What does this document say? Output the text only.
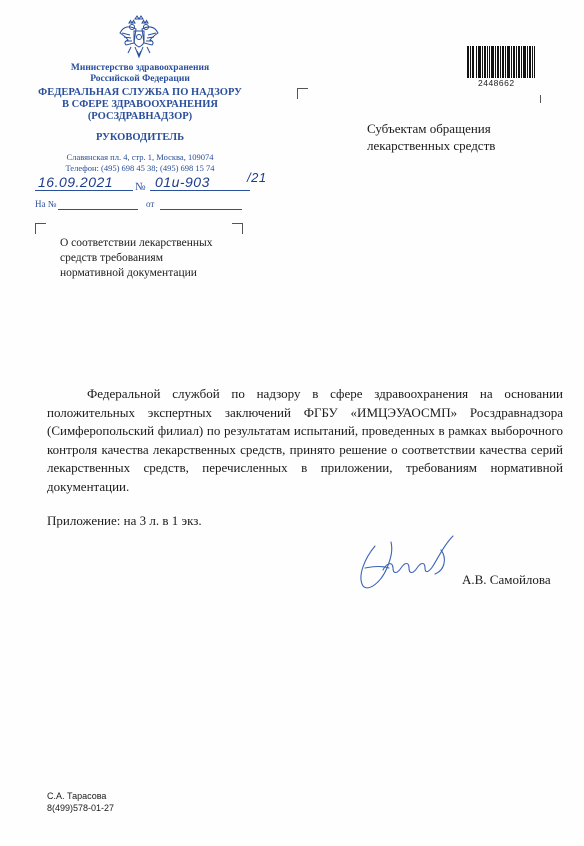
Министерство здравоохранения
Российской Федерации
ФЕДЕРАЛЬНАЯ СЛУЖБА ПО НАДЗОРУ
В СФЕРЕ ЗДРАВООХРАНЕНИЯ
(РОСЗДРАВНАДЗОР)
РУКОВОДИТЕЛЬ
Славянская пл. 4, стр. 1, Москва, 109074
Телефон: (495) 698 45 38; (495) 698 15 74
16.09.2021 № 01u-903	/21
На №	от
2448662
Субъектам обращения
лекарственных средств
О соответствии лекарственных
средств требованиям
нормативной документации
Федеральной службой по надзору в сфере здравоохранения на основании положительных экспертных заключений ФГБУ «ИМЦЭУАОСМП» Росздравнадзора (Симферопольский филиал) по результатам испытаний, проведенных в рамках выборочного контроля качества лекарственных средств, принято решение о соответствии качества серий лекарственных средств, перечисленных в приложении, требованиям нормативной документации.
Приложение: на 3 л. в 1 экз.
А.В. Самойлова
С.А. Тарасова
8(499)578-01-27
